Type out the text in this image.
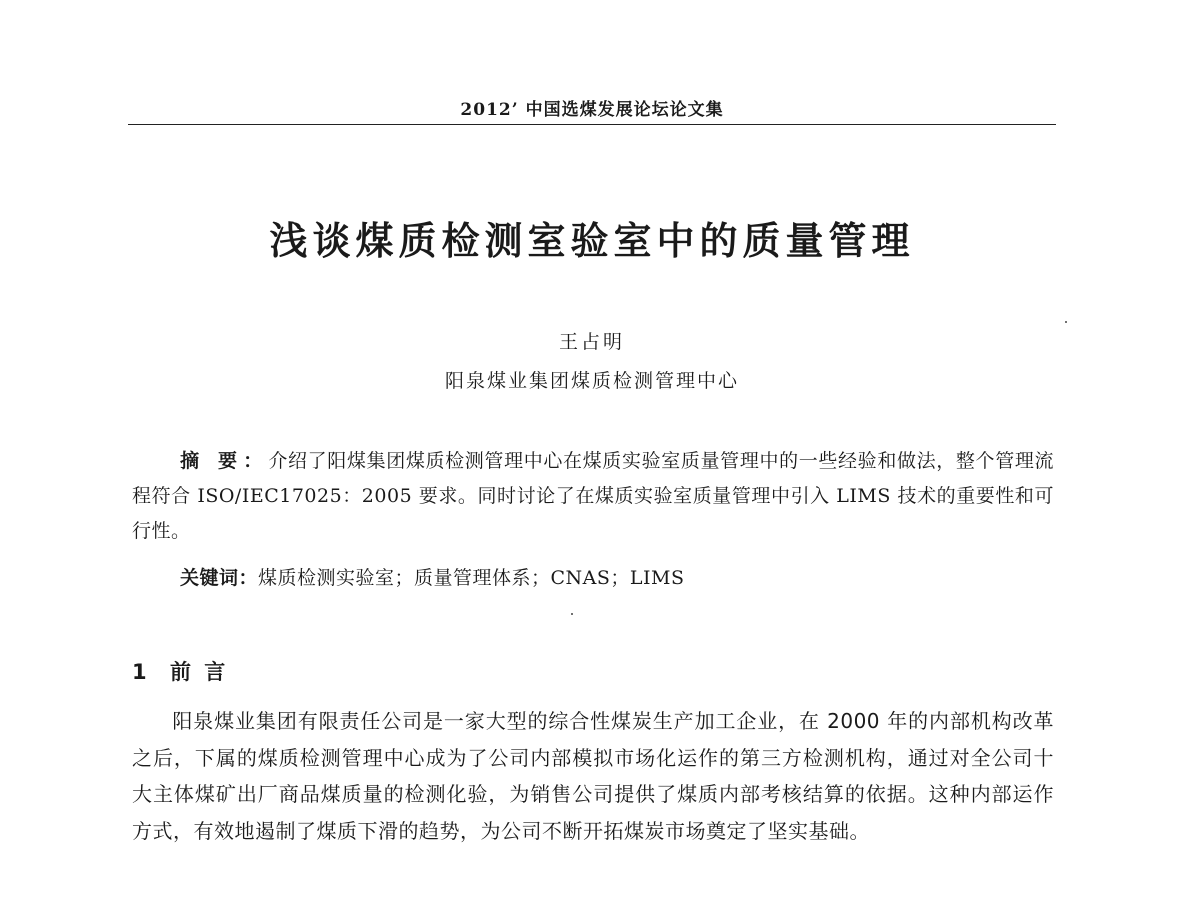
2012’ 中国选煤发展论坛论文集
浅谈煤质检测室验室中的质量管理
王占明
阳泉煤业集团煤质检测管理中心
摘 要：介绍了阳煤集团煤质检测管理中心在煤质实验室质量管理中的一些经验和做法，整个管理流程符合 ISO/IEC17025：2005 要求。同时讨论了在煤质实验室质量管理中引入 LIMS 技术的重要性和可行性。
关键词：煤质检测实验室；质量管理体系；CNAS；LIMS
1 前 言
阳泉煤业集团有限责任公司是一家大型的综合性煤炭生产加工企业，在 2000 年的内部机构改革之后，下属的煤质检测管理中心成为了公司内部模拟市场化运作的第三方检测机构，通过对全公司十大主体煤矿出厂商品煤质量的检测化验，为销售公司提供了煤质内部考核结算的依据。这种内部运作方式，有效地遏制了煤质下滑的趋势，为公司不断开拓煤炭市场奠定了坚实基础。
